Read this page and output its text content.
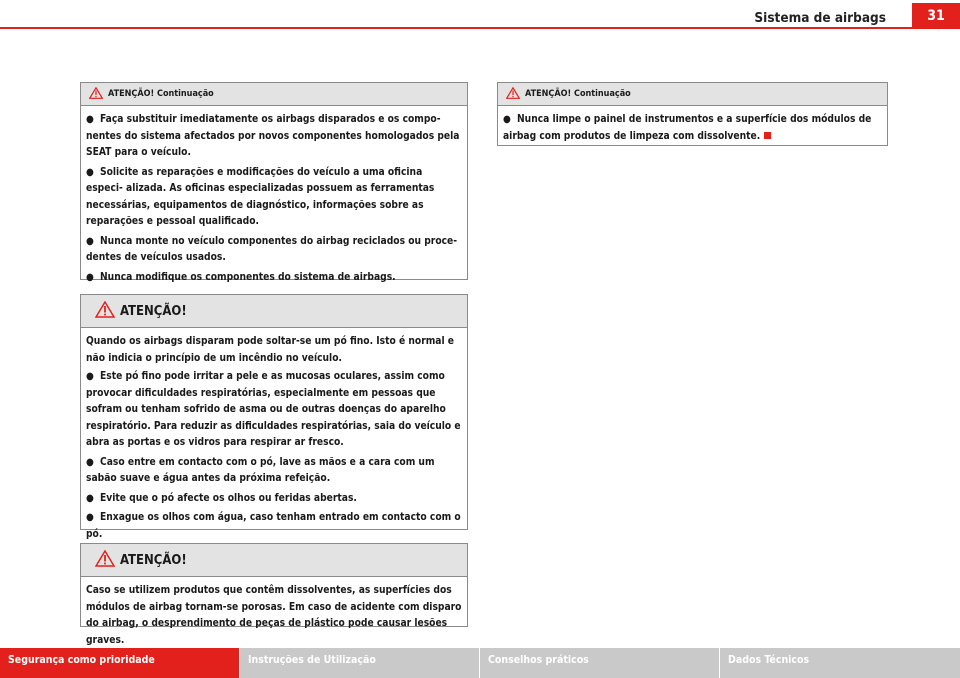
Sistema de airbags	31
ATENÇÃO! Continuação
● Faça substituir imediatamente os airbags disparados e os compo- nentes do sistema afectados por novos componentes homologados pela SEAT para o veículo.
● Solicite as reparações e modificações do veículo a uma oficina especi- alizada. As oficinas especializadas possuem as ferramentas necessárias, equipamentos de diagnóstico, informações sobre as reparações e pessoal qualificado.
● Nunca monte no veículo componentes do airbag reciclados ou proce- dentes de veículos usados.
● Nunca modifique os componentes do sistema de airbags.
ATENÇÃO!

Quando os airbags disparam pode soltar-se um pó fino. Isto é normal e não indicia o princípio de um incêndio no veículo.

● Este pó fino pode irritar a pele e as mucosas oculares, assim como provocar dificuldades respiratórias, especialmente em pessoas que sofram ou tenham sofrido de asma ou de outras doenças do aparelho respiratório. Para reduzir as dificuldades respiratórias, saia do veículo e abra as portas e os vidros para respirar ar fresco.
● Caso entre em contacto com o pó, lave as mãos e a cara com um sabão suave e água antes da próxima refeição.
● Evite que o pó afecte os olhos ou feridas abertas.
● Enxague os olhos com água, caso tenham entrado em contacto com o pó.
ATENÇÃO!

Caso se utilizem produtos que contêm dissolventes, as superfícies dos módulos de airbag tornam-se porosas. Em caso de acidente com disparo do airbag, o desprendimento de peças de plástico pode causar lesões graves.

ATENÇÃO! Continuação
● Nunca limpe o painel de instrumentos e a superfície dos módulos de airbag com produtos de limpeza com dissolvente.
Segurança como prioridade	Instruções de Utilização	Conselhos práticos	Dados Técnicos
